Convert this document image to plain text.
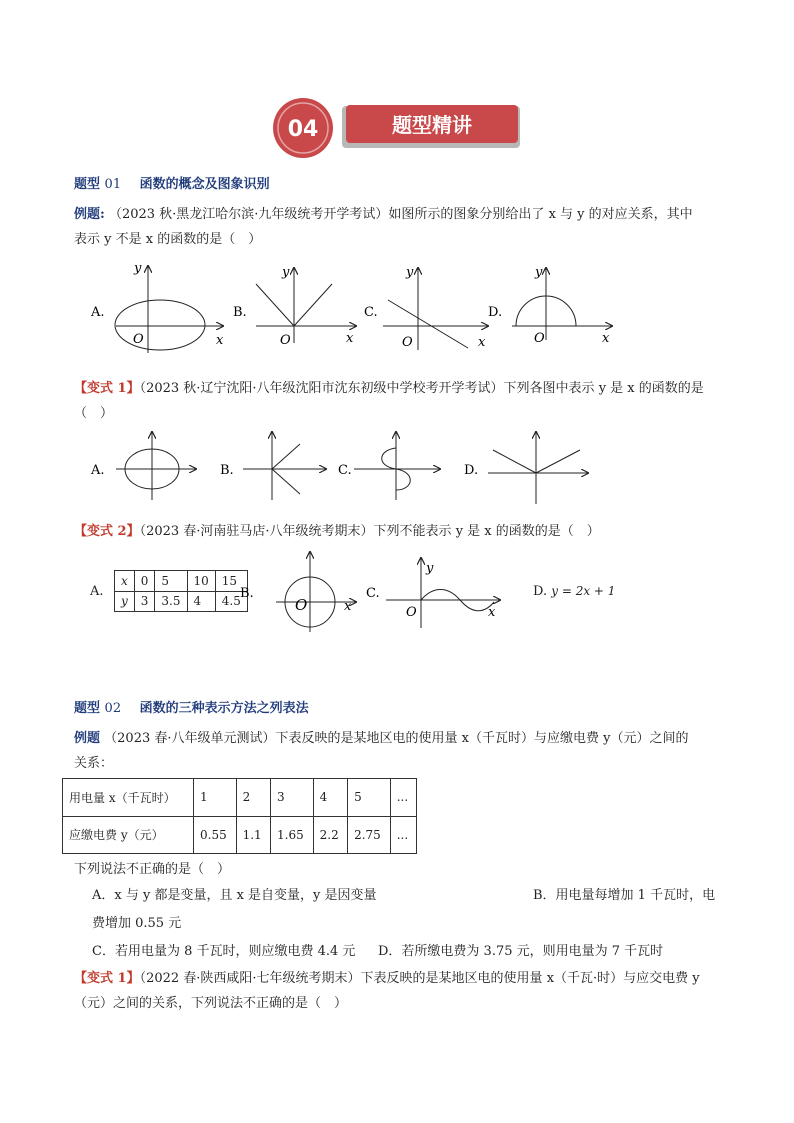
04	题型精讲
题型 01 函数的概念及图象识别
例题: （2023 秋·黑龙江哈尔滨·九年级统考开学考试）如图所示的图象分别给出了 x 与 y 的对应关系，其中
表示 y 不是 x 的函数的是（　）
A.
O	x
y
B.
O	x
y
C.
O	x
y
D.
O	x
y
【变式 1】（2023 秋·辽宁沈阳·八年级沈阳市沈东初级中学校考开学考试）下列各图中表示 y 是 x 的函数的是
（　）
A.	B.	C.	D.
【变式 2】（2023 春·河南驻马店·八年级统考期末）下列不能表示 y 是 x 的函数的是（　）
A.
x	0	5	10	15
y	3	3.5	4	4.5
B.
O	x
C.
O	x
y
D. y = 2x + 1
题型 02 函数的三种表示方法之列表法
例题 （2023 春·八年级单元测试）下表反映的是某地区电的使用量 x（千瓦时）与应缴电费 y（元）之间的
关系：
用电量 x（千瓦时）	1	2	3	4	5	...
应缴电费 y（元）	0.55	1.1	1.65	2.2	2.75	...
下列说法不正确的是（　）
A．x 与 y 都是变量，且 x 是自变量，y 是因变量	B．用电量每增加 1 千瓦时，电
费增加 0.55 元
C．若用电量为 8 千瓦时，则应缴电费 4.4 元 D．若所缴电费为 3.75 元，则用电量为 7 千瓦时
【变式 1】（2022 春·陕西咸阳·七年级统考期末）下表反映的是某地区电的使用量 x（千瓦·时）与应交电费 y
（元）之间的关系，下列说法不正确的是（　）
